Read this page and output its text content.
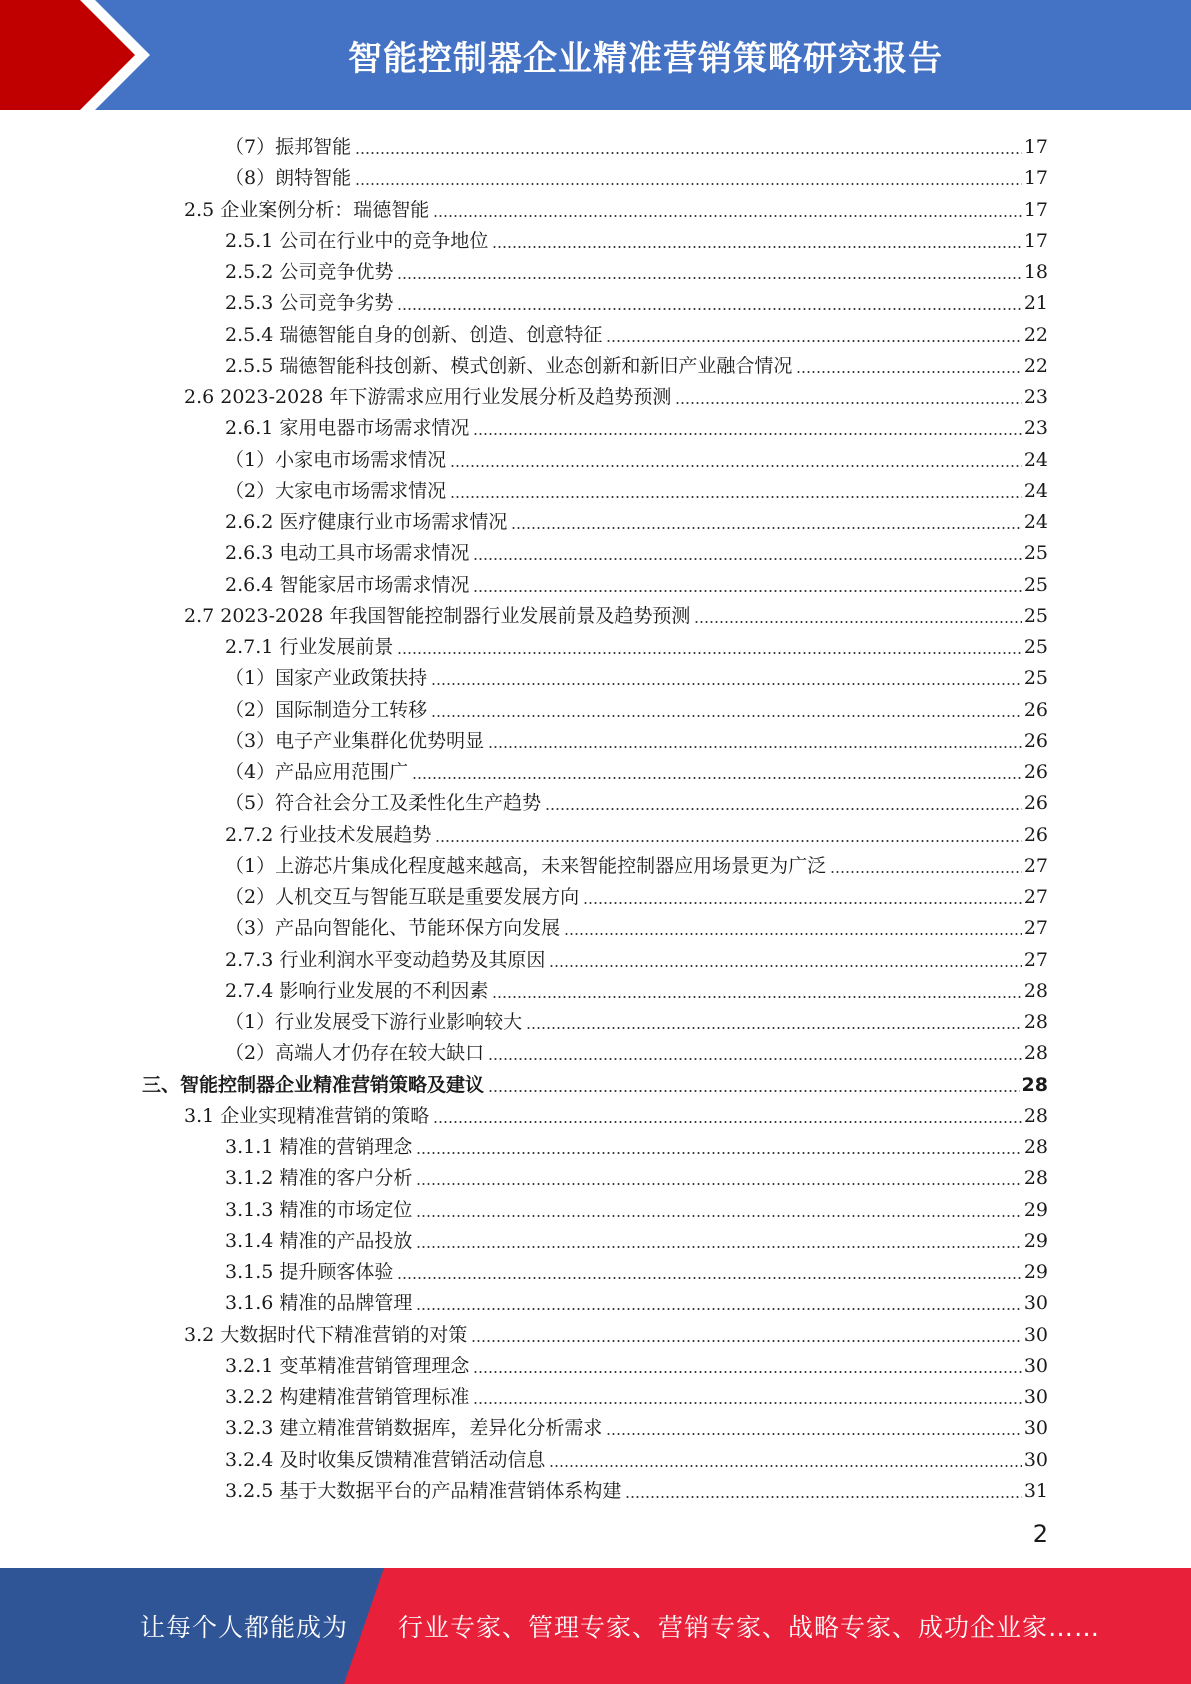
智能控制器企业精准营销策略研究报告
（7）振邦智能	17
（8）朗特智能	17
2.5 企业案例分析：瑞德智能	17
2.5.1 公司在行业中的竞争地位	17
2.5.2 公司竞争优势	18
2.5.3 公司竞争劣势	21
2.5.4 瑞德智能自身的创新、创造、创意特征	22
2.5.5 瑞德智能科技创新、模式创新、业态创新和新旧产业融合情况	22
2.6 2023-2028 年下游需求应用行业发展分析及趋势预测	23
2.6.1 家用电器市场需求情况	23
（1）小家电市场需求情况	24
（2）大家电市场需求情况	24
2.6.2 医疗健康行业市场需求情况	24
2.6.3 电动工具市场需求情况	25
2.6.4 智能家居市场需求情况	25
2.7 2023-2028 年我国智能控制器行业发展前景及趋势预测	25
2.7.1 行业发展前景	25
（1）国家产业政策扶持	25
（2）国际制造分工转移	26
（3）电子产业集群化优势明显	26
（4）产品应用范围广	26
（5）符合社会分工及柔性化生产趋势	26
2.7.2 行业技术发展趋势	26
（1）上游芯片集成化程度越来越高，未来智能控制器应用场景更为广泛	27
（2）人机交互与智能互联是重要发展方向	27
（3）产品向智能化、节能环保方向发展	27
2.7.3 行业利润水平变动趋势及其原因	27
2.7.4 影响行业发展的不利因素	28
（1）行业发展受下游行业影响较大	28
（2）高端人才仍存在较大缺口	28
三、智能控制器企业精准营销策略及建议	28
3.1 企业实现精准营销的策略	28
3.1.1 精准的营销理念	28
3.1.2 精准的客户分析	28
3.1.3 精准的市场定位	29
3.1.4 精准的产品投放	29
3.1.5 提升顾客体验	29
3.1.6 精准的品牌管理	30
3.2 大数据时代下精准营销的对策	30
3.2.1 变革精准营销管理理念	30
3.2.2 构建精准营销管理标准	30
3.2.3 建立精准营销数据库，差异化分析需求	30
3.2.4 及时收集反馈精准营销活动信息	30
3.2.5 基于大数据平台的产品精准营销体系构建	31
2
让每个人都能成为 行业专家、管理专家、营销专家、战略专家、成功企业家……
